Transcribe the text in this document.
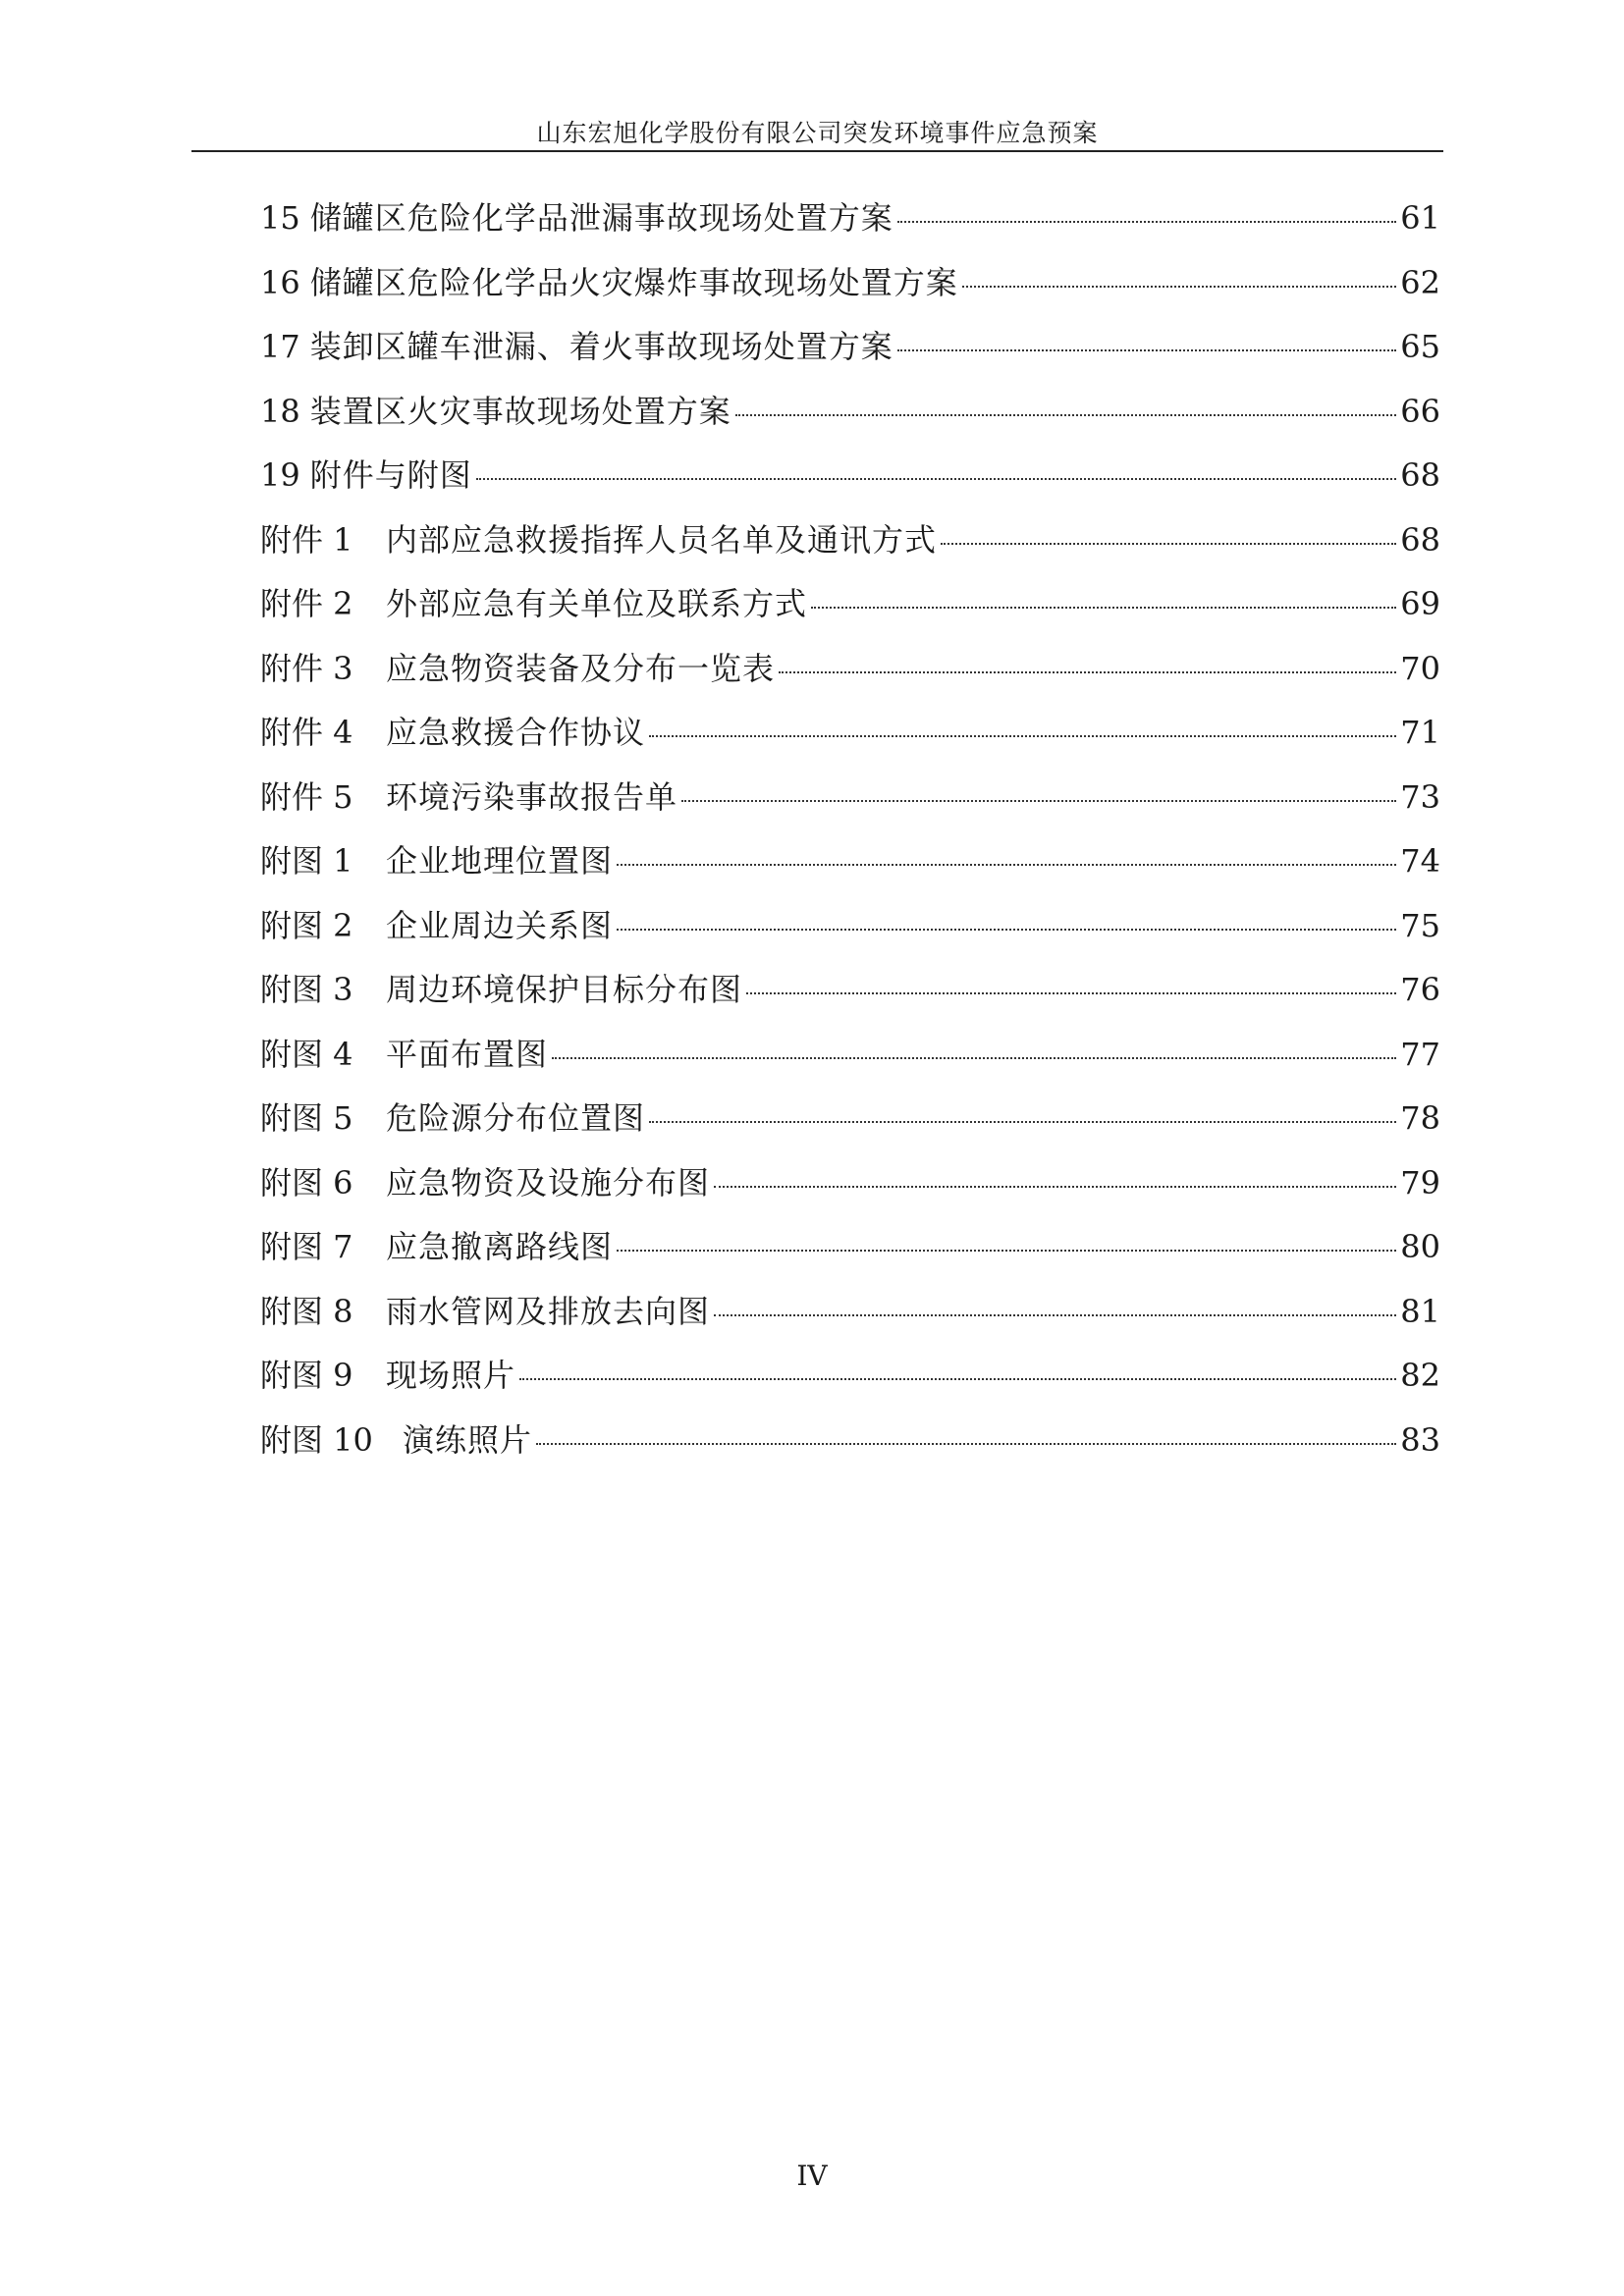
山东宏旭化学股份有限公司突发环境事件应急预案
15 储罐区危险化学品泄漏事故现场处置方案	61
16 储罐区危险化学品火灾爆炸事故现场处置方案	62
17 装卸区罐车泄漏、着火事故现场处置方案	65
18 装置区火灾事故现场处置方案	66
19 附件与附图	68
附件 1	内部应急救援指挥人员名单及通讯方式	68
附件 2	外部应急有关单位及联系方式	69
附件 3	应急物资装备及分布一览表	70
附件 4	应急救援合作协议	71
附件 5	环境污染事故报告单	73
附图 1	企业地理位置图	74
附图 2	企业周边关系图	75
附图 3	周边环境保护目标分布图	76
附图 4	平面布置图	77
附图 5	危险源分布位置图	78
附图 6	应急物资及设施分布图	79
附图 7	应急撤离路线图	80
附图 8	雨水管网及排放去向图	81
附图 9	现场照片	82
附图 10 演练照片	83
IV
